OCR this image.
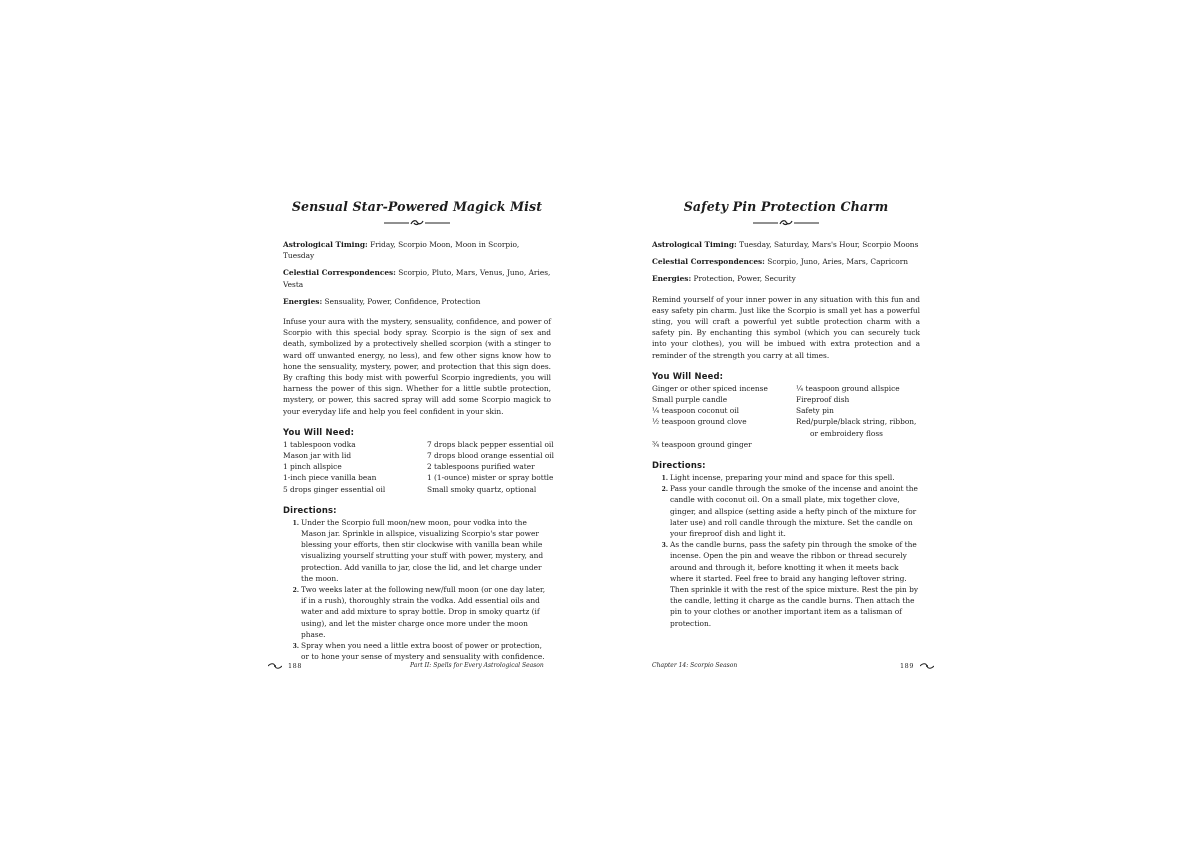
Sensual Star-Powered Magick Mist
Astrological Timing: Friday, Scorpio Moon, Moon in Scorpio, Tuesday
Celestial Correspondences: Scorpio, Pluto, Mars, Venus, Juno, Aries, Vesta
Energies: Sensuality, Power, Confidence, Protection
Infuse your aura with the mystery, sensuality, confidence, and power of Scorpio with this special body spray. Scorpio is the sign of sex and death, symbolized by a protectively shelled scorpion (with a stinger to ward off unwanted energy, no less), and few other signs know how to hone the sensuality, mystery, power, and protection that this sign does. By crafting this body mist with powerful Scorpio ingredients, you will harness the power of this sign. Whether for a little subtle protection, mystery, or power, this sacred spray will add some Scorpio magick to your everyday life and help you feel confident in your skin.
You Will Need:
1 tablespoon vodka	7 drops black pepper essential oil
Mason jar with lid	7 drops blood orange essential oil
1 pinch allspice	2 tablespoons purified water
1-inch piece vanilla bean	1 (1-ounce) mister or spray bottle
5 drops ginger essential oil	Small smoky quartz, optional
Directions:
1. Under the Scorpio full moon/new moon, pour vodka into the Mason jar. Sprinkle in allspice, visualizing Scorpio's star power blessing your efforts, then stir clockwise with vanilla bean while visualizing yourself strutting your stuff with power, mystery, and protection. Add vanilla to jar, close the lid, and let charge under the moon.
2. Two weeks later at the following new/full moon (or one day later, if in a rush), thoroughly strain the vodka. Add essential oils and water and add mixture to spray bottle. Drop in smoky quartz (if using), and let the mister charge once more under the moon phase.
3. Spray when you need a little extra boost of power or protection, or to hone your sense of mystery and sensuality with confidence.
188	Part II: Spells for Every Astrological Season
Safety Pin Protection Charm
Astrological Timing: Tuesday, Saturday, Mars's Hour, Scorpio Moons
Celestial Correspondences: Scorpio, Juno, Aries, Mars, Capricorn
Energies: Protection, Power, Security
Remind yourself of your inner power in any situation with this fun and easy safety pin charm. Just like the Scorpio is small yet has a powerful sting, you will craft a powerful yet subtle protection charm with a safety pin. By enchanting this symbol (which you can securely tuck into your clothes), you will be imbued with extra protection and a reminder of the strength you carry at all times.
You Will Need:
Ginger or other spiced incense	¼ teaspoon ground allspice
Small purple candle	Fireproof dish
¼ teaspoon coconut oil	Safety pin
½ teaspoon ground clove	Red/purple/black string, ribbon, or embroidery floss
¾ teaspoon ground ginger
Directions:
1. Light incense, preparing your mind and space for this spell.
2. Pass your candle through the smoke of the incense and anoint the candle with coconut oil. On a small plate, mix together clove, ginger, and allspice (setting aside a hefty pinch of the mixture for later use) and roll candle through the mixture. Set the candle on your fireproof dish and light it.
3. As the candle burns, pass the safety pin through the smoke of the incense. Open the pin and weave the ribbon or thread securely around and through it, before knotting it when it meets back where it started. Feel free to braid any hanging leftover string. Then sprinkle it with the rest of the spice mixture. Rest the pin by the candle, letting it charge as the candle burns. Then attach the pin to your clothes or another important item as a talisman of protection.
Chapter 14: Scorpio Season	189
